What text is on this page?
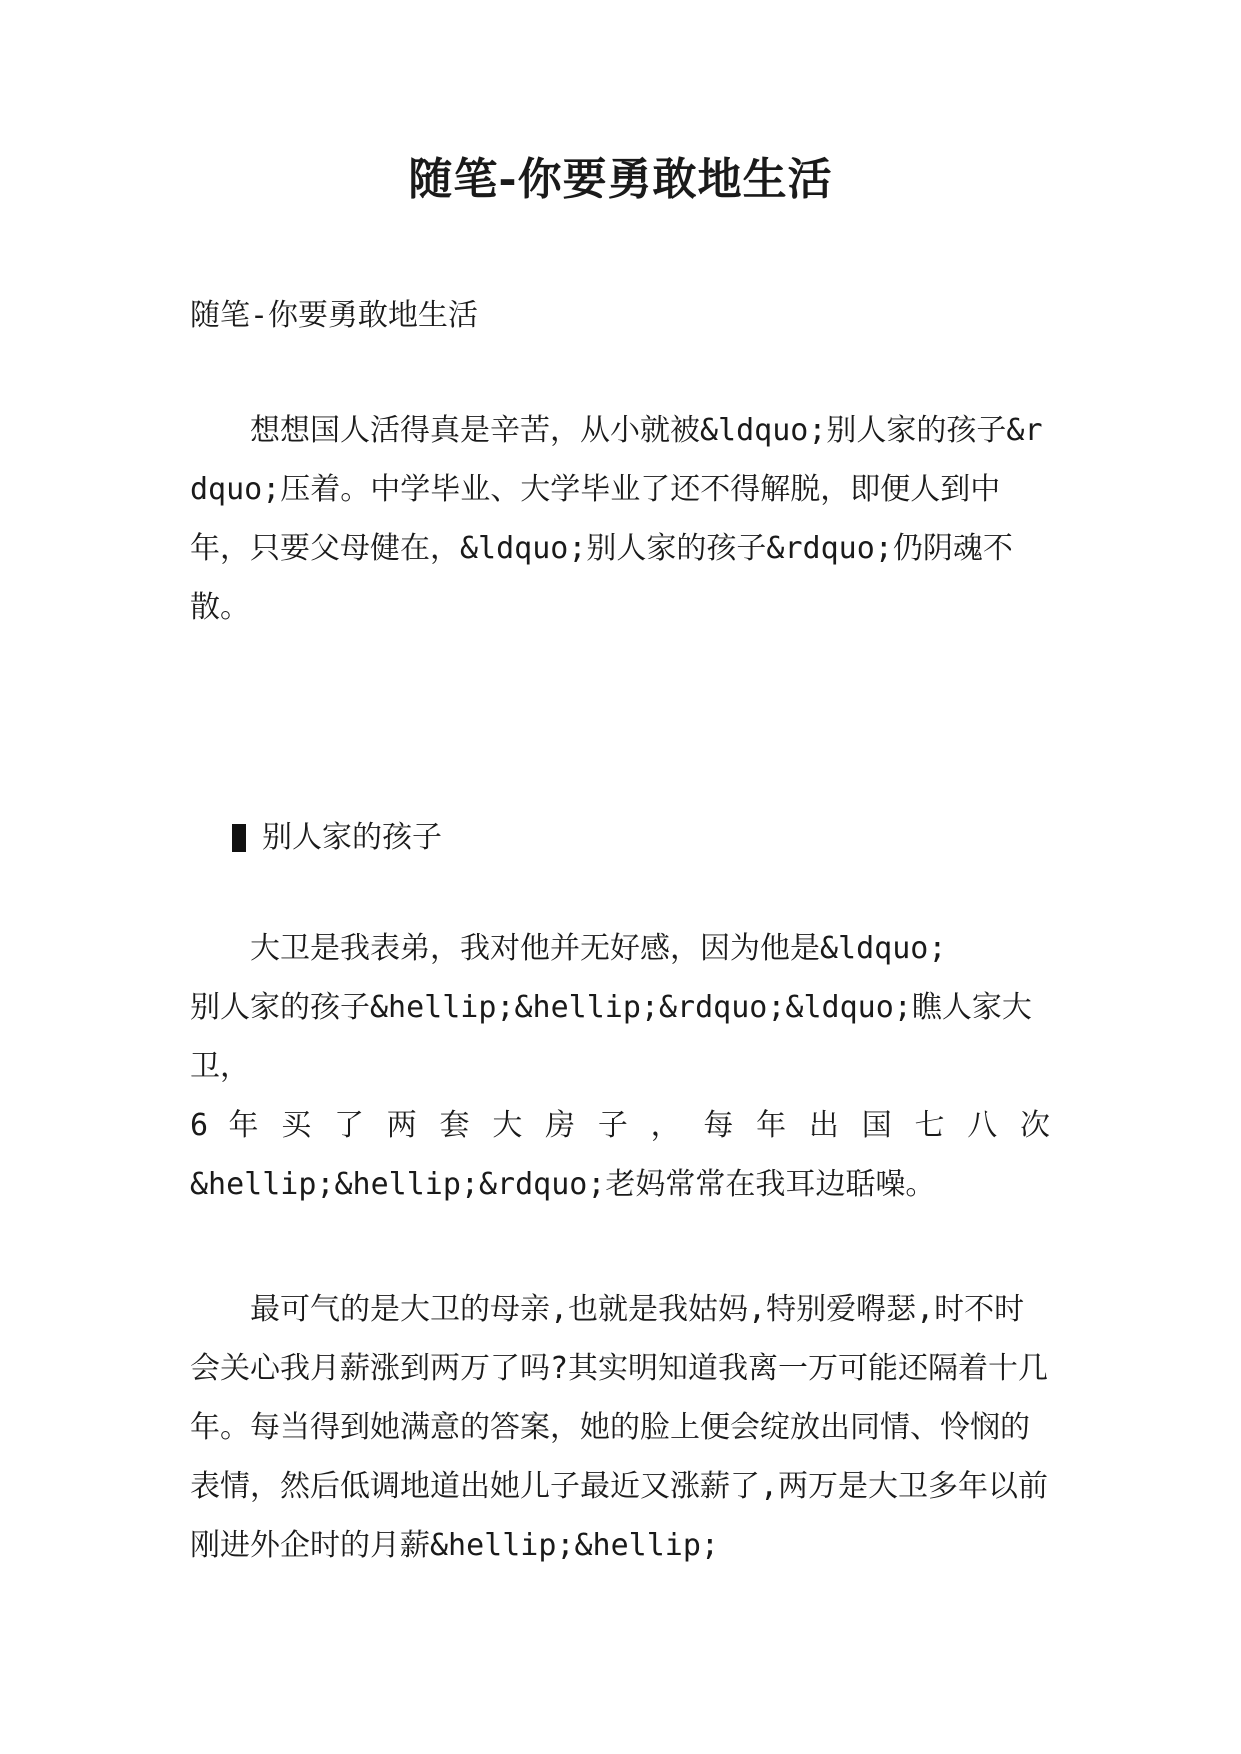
随笔-你要勇敢地生活

随笔-你要勇敢地生活

想想国人活得真是辛苦，从小就被&ldquo;别人家的孩子&rdquo;压着。中学毕业、大学毕业了还不得解脱，即便人到中年，只要父母健在，&ldquo;别人家的孩子&rdquo;仍阴魂不散。

别人家的孩子
大卫是我表弟，我对他并无好感，因为他是&ldquo;
别人家的孩子&hellip;&hellip;&rdquo;&ldquo;瞧人家大卫，
6 年 买 了 两 套 大 房 子 ， 每 年 出 国 七 八 次
&hellip;&hellip;&rdquo;老妈常常在我耳边聒噪。

最可气的是大卫的母亲,也就是我姑妈,特别爱嘚瑟,时不时会关心我月薪涨到两万了吗?其实明知道我离一万可能还隔着十几年。每当得到她满意的答案，她的脸上便会绽放出同情、怜悯的表情，然后低调地道出她儿子最近又涨薪了,两万是大卫多年以前刚进外企时的月薪&hellip;&hellip;
